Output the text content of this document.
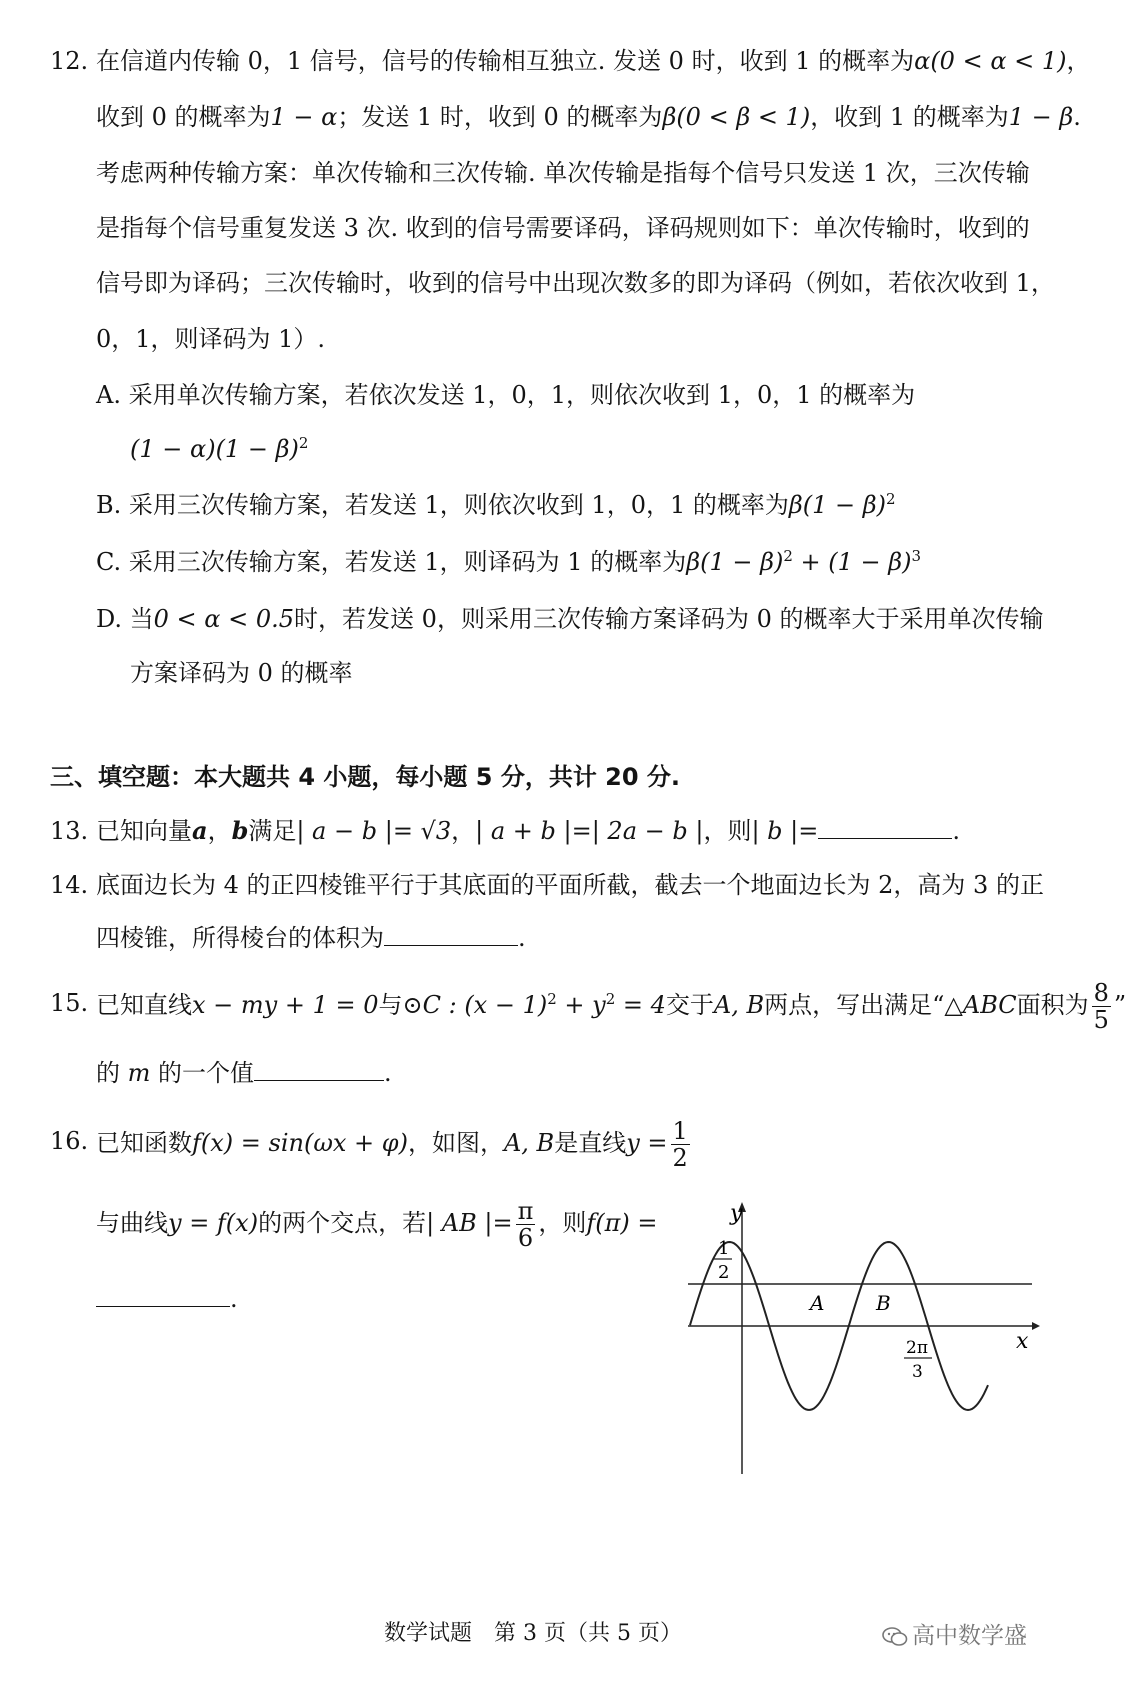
12. 在信道内传输 0，1 信号，信号的传输相互独立. 发送 0 时，收到 1 的概率为α(0 < α < 1)，
收到 0 的概率为1 − α；发送 1 时，收到 0 的概率为β(0 < β < 1)，收到 1 的概率为1 − β.
考虑两种传输方案：单次传输和三次传输. 单次传输是指每个信号只发送 1 次，三次传输
是指每个信号重复发送 3 次. 收到的信号需要译码，译码规则如下：单次传输时，收到的
信号即为译码；三次传输时，收到的信号中出现次数多的即为译码（例如，若依次收到 1，
0，1，则译码为 1）.
A. 采用单次传输方案，若依次发送 1，0，1，则依次收到 1，0，1 的概率为
$(1 - \alpha)(1 - \beta)^2$
B. 采用三次传输方案，若发送 1，则依次收到 1，0，1 的概率为$\beta(1 - \beta)^2$
C. 采用三次传输方案，若发送 1，则译码为 1 的概率为$\beta(1 - \beta)^2 + (1 - \beta)^3$
D. 当0 < α < 0.5时，若发送 0，则采用三次传输方案译码为 0 的概率大于采用单次传输
方案译码为 0 的概率
三、填空题：本大题共 4 小题，每小题 5 分，共计 20 分.
13. 已知向量a，b满足| a − b |= √3，| a + b |=| 2a − b |，则| b |=	.
14. 底面边长为 4 的正四棱锥平行于其底面的平面所截，截去一个地面边长为 2，高为 3 的正
四棱锥，所得棱台的体积为	.
15. 已知直线x − my + 1 = 0与⊙C : $(x - 1)^2 + y^2 = 4$交于A, B两点，写出满足“△ABC面积为 $\frac{8}{5}$ ”
的 m 的一个值	.
16. 已知函数f(x) = sin(ωx + φ)，如图，A, B是直线$y = \frac{1}{2}$
与曲线y = f(x)的两个交点，若| AB |= $\frac{\pi}{6}$ ，则f(π) =
.
y
x
A	B
1
2
2π
3
数学试题　第 3 页（共 5 页）	高中数学盛
